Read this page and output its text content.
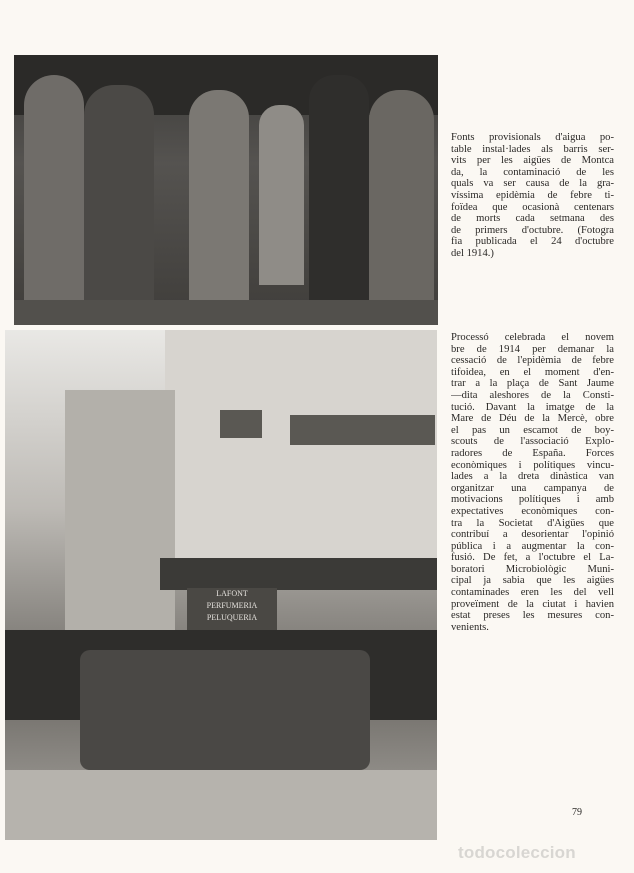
LAFONT
PERFUMERIA
PELUQUERIA
Fonts provisionals d'aigua po-
table instal·lades als barris ser-
vits per les aigües de Montca
da, la contaminació de les
quals va ser causa de la gra-
víssima epidèmia de febre ti-
foïdea que ocasionà centenars
de morts cada setmana des
de primers d'octubre. (Fotogra
fia publicada el 24 d'octubre
del 1914.)
Processó celebrada el novem
bre de 1914 per demanar la
cessació de l'epidèmia de febre
tifoidea, en el moment d'en-
trar a la plaça de Sant Jaume
—dita aleshores de la Consti-
tució. Davant la imatge de la
Mare de Déu de la Mercè, obre
el pas un escamot de boy-
scouts de l'associació Explo-
radores de España. Forces
econòmiques i polítiques vincu-
lades a la dreta dinàstica van
organitzar una campanya de
motivacions polítiques i amb
expectatives econòmiques con-
tra la Societat d'Aigües que
contribuí a desorientar l'opinió
pública i a augmentar la con-
fusió. De fet, a l'octubre el La-
boratori Microbiològic Muni-
cipal ja sabia que les aigües
contaminades eren les del vell
proveïment de la ciutat i havien
estat preses les mesures con-
venients.
79
todocoleccion
